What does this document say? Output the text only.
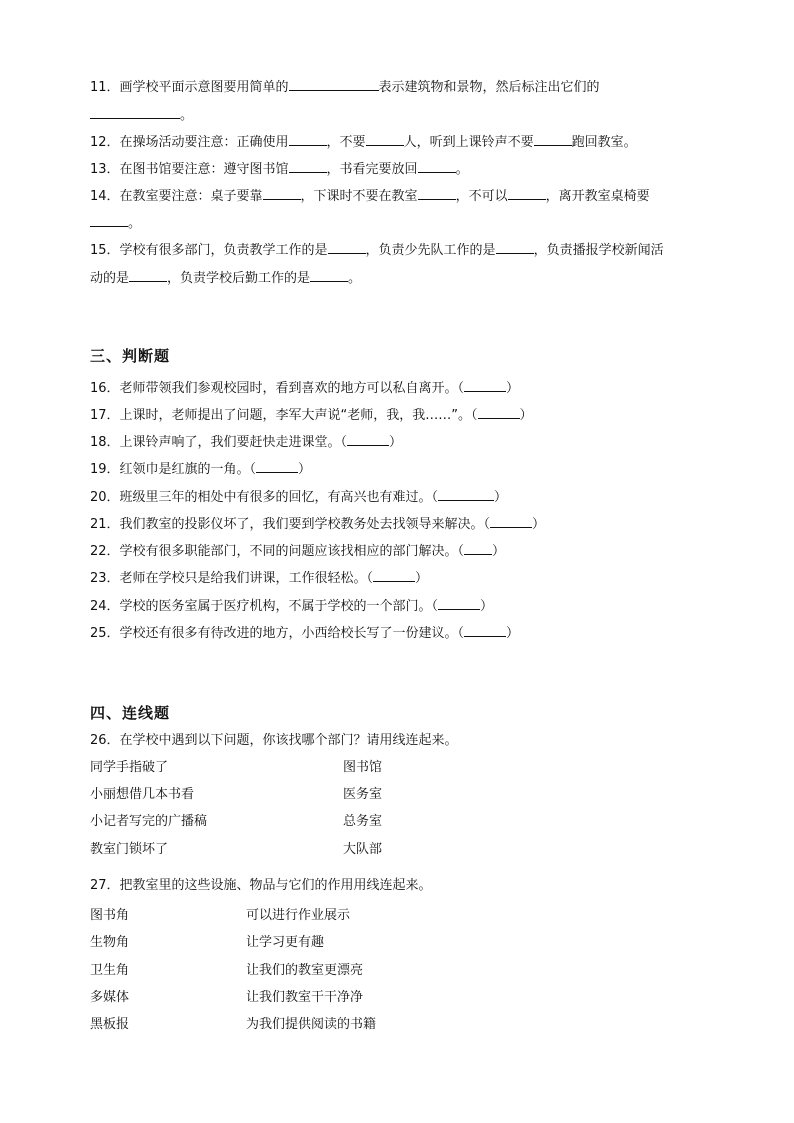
11．画学校平面示意图要用简单的	表示建筑物和景物，然后标注出它们的
。
12．在操场活动要注意：正确使用	，不要	人，听到上课铃声不要	跑回教室。
13．在图书馆要注意：遵守图书馆	，书看完要放回	。
14．在教室要注意：桌子要靠	，下课时不要在教室	，不可以	，离开教室桌椅要
。
15．学校有很多部门，负责教学工作的是	，负责少先队工作的是	，负责播报学校新闻活
动的是	，负责学校后勤工作的是	。
三、判断题
16．老师带领我们参观校园时，看到喜欢的地方可以私自离开。（	）
17．上课时，老师提出了问题，李军大声说“老师，我，我……”。（	）
18．上课铃声响了，我们要赶快走进课堂。（	）
19．红领巾是红旗的一角。（	）
20．班级里三年的相处中有很多的回忆，有高兴也有难过。（	）
21．我们教室的投影仪坏了，我们要到学校教务处去找领导来解决。（	）
22．学校有很多职能部门，不同的问题应该找相应的部门解决。（ ）
23．老师在学校只是给我们讲课，工作很轻松。（	）
24．学校的医务室属于医疗机构，不属于学校的一个部门。（	）
25．学校还有很多有待改进的地方，小西给校长写了一份建议。（	）
四、连线题
26．在学校中遇到以下问题，你该找哪个部门？请用线连起来。
同学手指破了	图书馆
小丽想借几本书看	医务室
小记者写完的广播稿	总务室
教室门锁坏了	大队部
27．把教室里的这些设施、物品与它们的作用用线连起来。
图书角	可以进行作业展示
生物角	让学习更有趣
卫生角	让我们的教室更漂亮
多媒体	让我们教室干干净净
黑板报	为我们提供阅读的书籍
